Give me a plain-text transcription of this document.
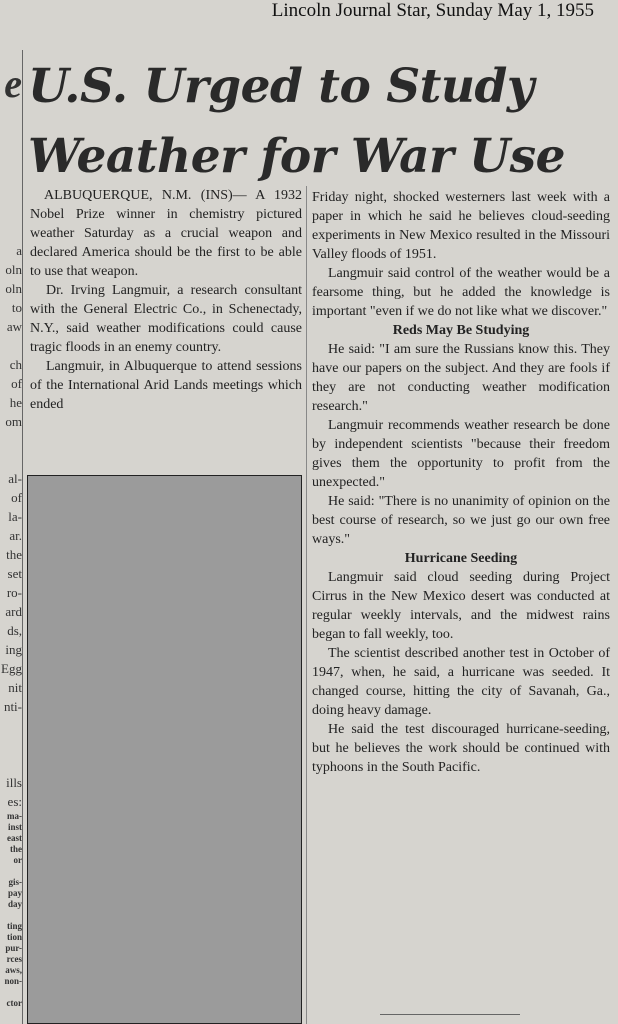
Lincoln Journal Star, Sunday May 1, 1955
e

a
oln
oln
to
aw

ch
of
he
om

al-
of
la-
ar.
the
set
ro-
ard
ds,
ing
Egg
nit
nti-

ills
es:
ma-
inst
east
the
or

gis-
pay
day

ting
tion
pur-
rces
aws,
non-

ctor
U.S. Urged to Study Weather for War Use

ALBUQUERQUE, N.M. (INS)— A 1932 Nobel Prize winner in chemistry pictured weather Saturday as a crucial weapon and declared America should be the first to be able to use that weapon.

Dr. Irving Langmuir, a research consultant with the General Electric Co., in Schenectady, N.Y., said weather modifications could cause tragic floods in an enemy country.

Langmuir, in Albuquerque to attend sessions of the International Arid Lands meetings which ended

Friday night, shocked westerners last week with a paper in which he said he believes cloud-seeding experiments in New Mexico resulted in the Missouri Valley floods of 1951.

Langmuir said control of the weather would be a fearsome thing, but he added the knowledge is important "even if we do not like what we discover."

Reds May Be Studying

He said: "I am sure the Russians know this. They have our papers on the subject. And they are fools if they are not conducting weather modification research."

Langmuir recommends weather research be done by independent scientists "because their freedom gives them the opportunity to profit from the unexpected."

He said: "There is no unanimity of opinion on the best course of research, so we just go our own free ways."

Hurricane Seeding

Langmuir said cloud seeding during Project Cirrus in the New Mexico desert was conducted at regular weekly intervals, and the midwest rains began to fall weekly, too.

The scientist described another test in October of 1947, when, he said, a hurricane was seeded. It changed course, hitting the city of Savanah, Ga., doing heavy damage.

He said the test discouraged hurricane-seeding, but he believes the work should be continued with typhoons in the South Pacific.
